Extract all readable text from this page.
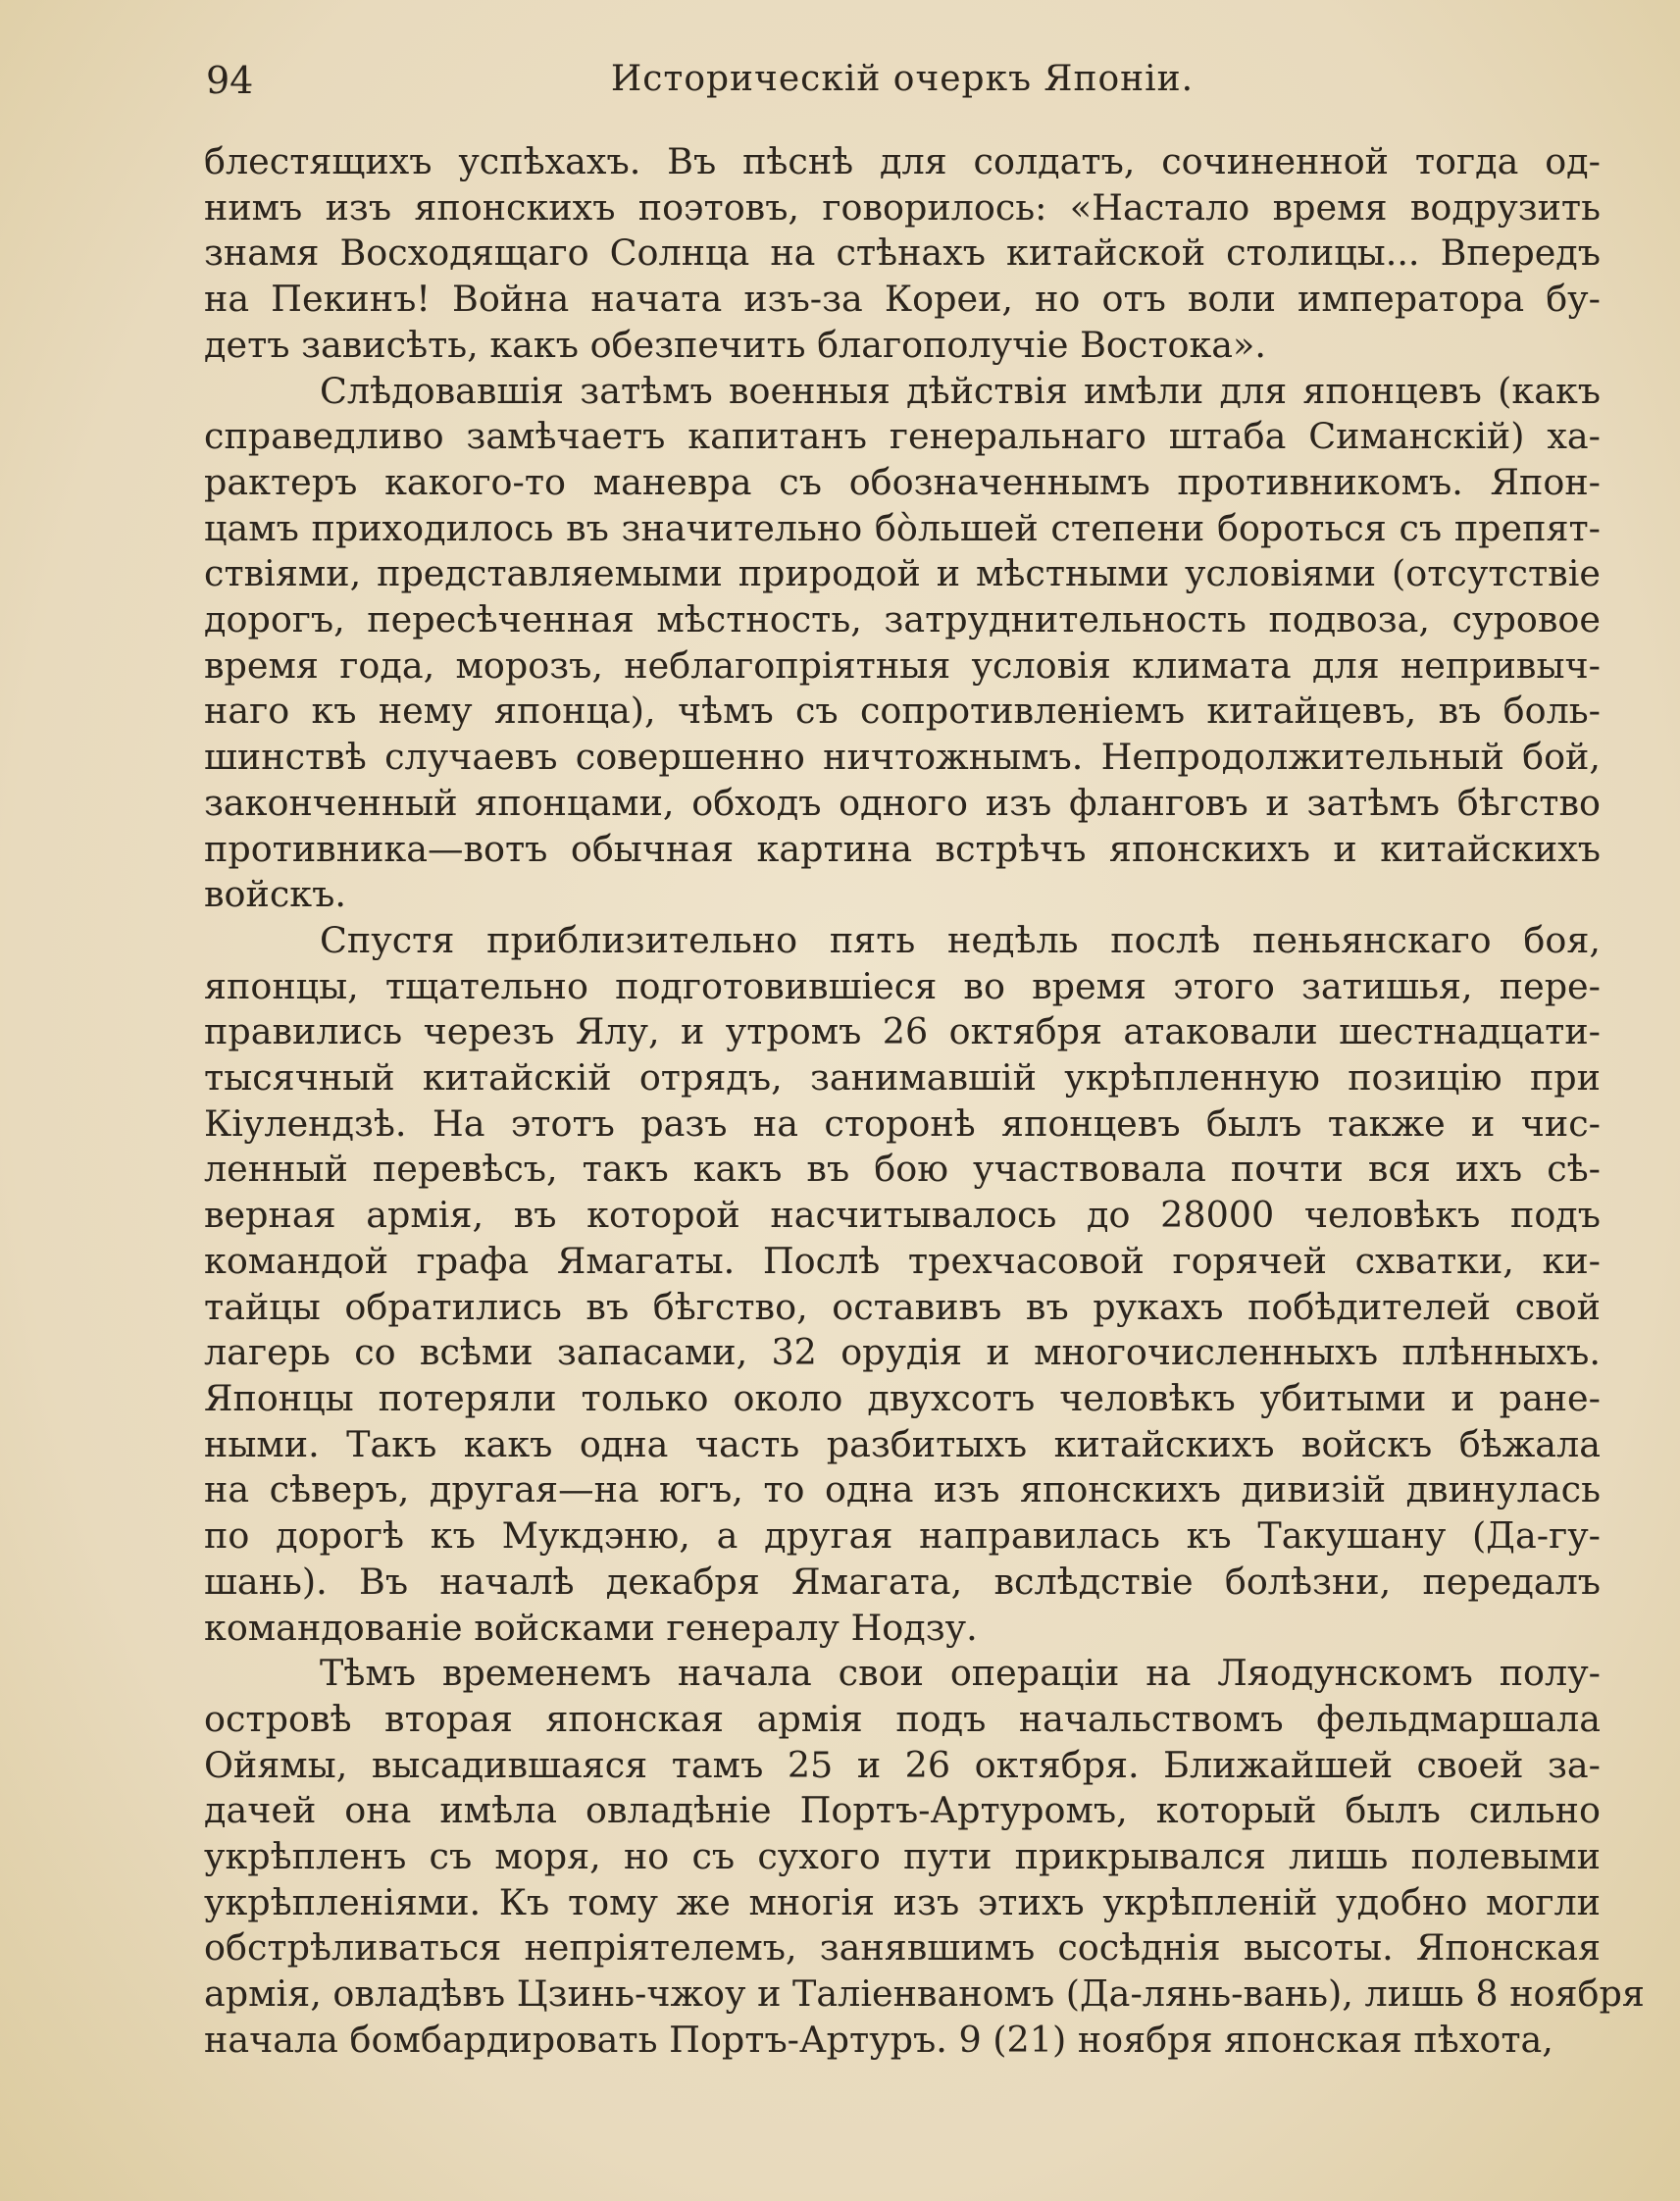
94	Историческій очеркъ Японіи.
блестящихъ успѣхахъ. Въ пѣснѣ для солдатъ, сочиненной тогда од-
нимъ изъ японскихъ поэтовъ, говорилось: «Настало время водрузить
знамя Восходящаго Солнца на стѣнахъ китайской столицы... Впередъ
на Пекинъ! Война начата изъ-за Кореи, но отъ воли императора бу-
детъ зависѣть, какъ обезпечить благополучіе Востока».
Слѣдовавшія затѣмъ военныя дѣйствія имѣли для японцевъ (какъ
справедливо замѣчаетъ капитанъ генеральнаго штаба Симанскій) ха-
рактеръ какого-то маневра съ обозначеннымъ противникомъ. Япон-
цамъ приходилось въ значительно бо̀льшей степени бороться съ препят-
ствіями, представляемыми природой и мѣстными условіями (отсутствіе
дорогъ, пересѣченная мѣстность, затруднительность подвоза, суровое
время года, морозъ, неблагопріятныя условія климата для непривыч-
наго къ нему японца), чѣмъ съ сопротивленіемъ китайцевъ, въ боль-
шинствѣ случаевъ совершенно ничтожнымъ. Непродолжительный бой,
законченный японцами, обходъ одного изъ фланговъ и затѣмъ бѣгство
противника—вотъ обычная картина встрѣчъ японскихъ и китайскихъ
войскъ.
Спустя приблизительно пять недѣль послѣ пеньянскаго боя,
японцы, тщательно подготовившіеся во время этого затишья, пере-
правились черезъ Ялу, и утромъ 26 октября атаковали шестнадцати-
тысячный китайскій отрядъ, занимавшій укрѣпленную позицію при
Кіулендзѣ. На этотъ разъ на сторонѣ японцевъ былъ также и чис-
ленный перевѣсъ, такъ какъ въ бою участвовала почти вся ихъ сѣ-
верная армія, въ которой насчитывалось до 28000 человѣкъ подъ
командой графа Ямагаты. Послѣ трехчасовой горячей схватки, ки-
тайцы обратились въ бѣгство, оставивъ въ рукахъ побѣдителей свой
лагерь со всѣми запасами, 32 орудія и многочисленныхъ плѣнныхъ.
Японцы потеряли только около двухсотъ человѣкъ убитыми и ране-
ными. Такъ какъ одна часть разбитыхъ китайскихъ войскъ бѣжала
на сѣверъ, другая—на югъ, то одна изъ японскихъ дивизій двинулась
по дорогѣ къ Мукдэню, а другая направилась къ Такушану (Да-гу-
шань). Въ началѣ декабря Ямагата, вслѣдствіе болѣзни, передалъ
командованіе войсками генералу Нодзу.
Тѣмъ временемъ начала свои операціи на Ляодунскомъ полу-
островѣ вторая японская армія подъ начальствомъ фельдмаршала
Ойямы, высадившаяся тамъ 25 и 26 октября. Ближайшей своей за-
дачей она имѣла овладѣніе Портъ-Артуромъ, который былъ сильно
укрѣпленъ съ моря, но съ сухого пути прикрывался лишь полевыми
укрѣпленіями. Къ тому же многія изъ этихъ укрѣпленій удобно могли
обстрѣливаться непріятелемъ, занявшимъ сосѣднія высоты. Японская
армія, овладѣвъ Цзинь-чжоу и Таліенваномъ (Да-лянь-вань), лишь 8 ноября
начала бомбардировать Портъ-Артуръ. 9 (21) ноября японская пѣхота,
